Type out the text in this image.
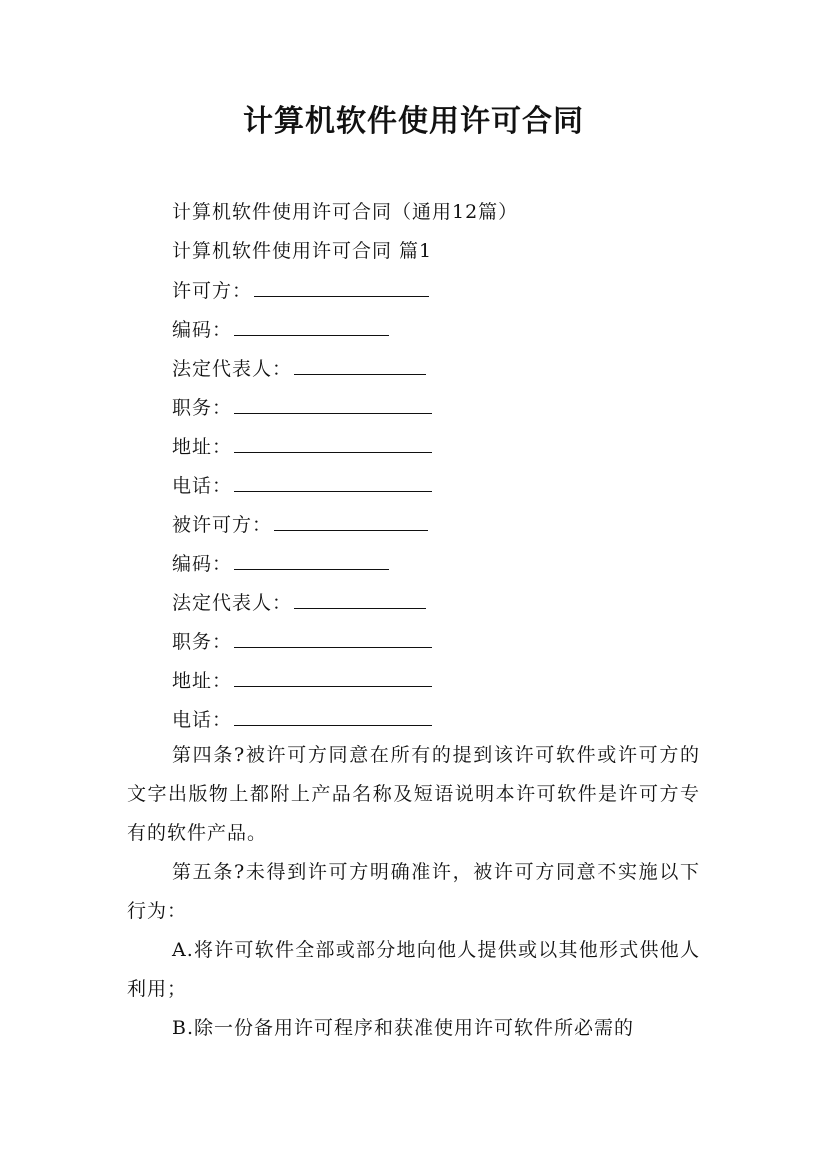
计算机软件使用许可合同
计算机软件使用许可合同（通用12篇）
计算机软件使用许可合同 篇1
许可方：
编码：
法定代表人：
职务：
地址：
电话：
被许可方：
编码：
法定代表人：
职务：
地址：
电话：
第四条?被许可方同意在所有的提到该许可软件或许可方的文字出版物上都附上产品名称及短语说明本许可软件是许可方专有的软件产品。
第五条?未得到许可方明确准许，被许可方同意不实施以下行为：
A.将许可软件全部或部分地向他人提供或以其他形式供他人利用；
B.除一份备用许可程序和获准使用许可软件所必需的
